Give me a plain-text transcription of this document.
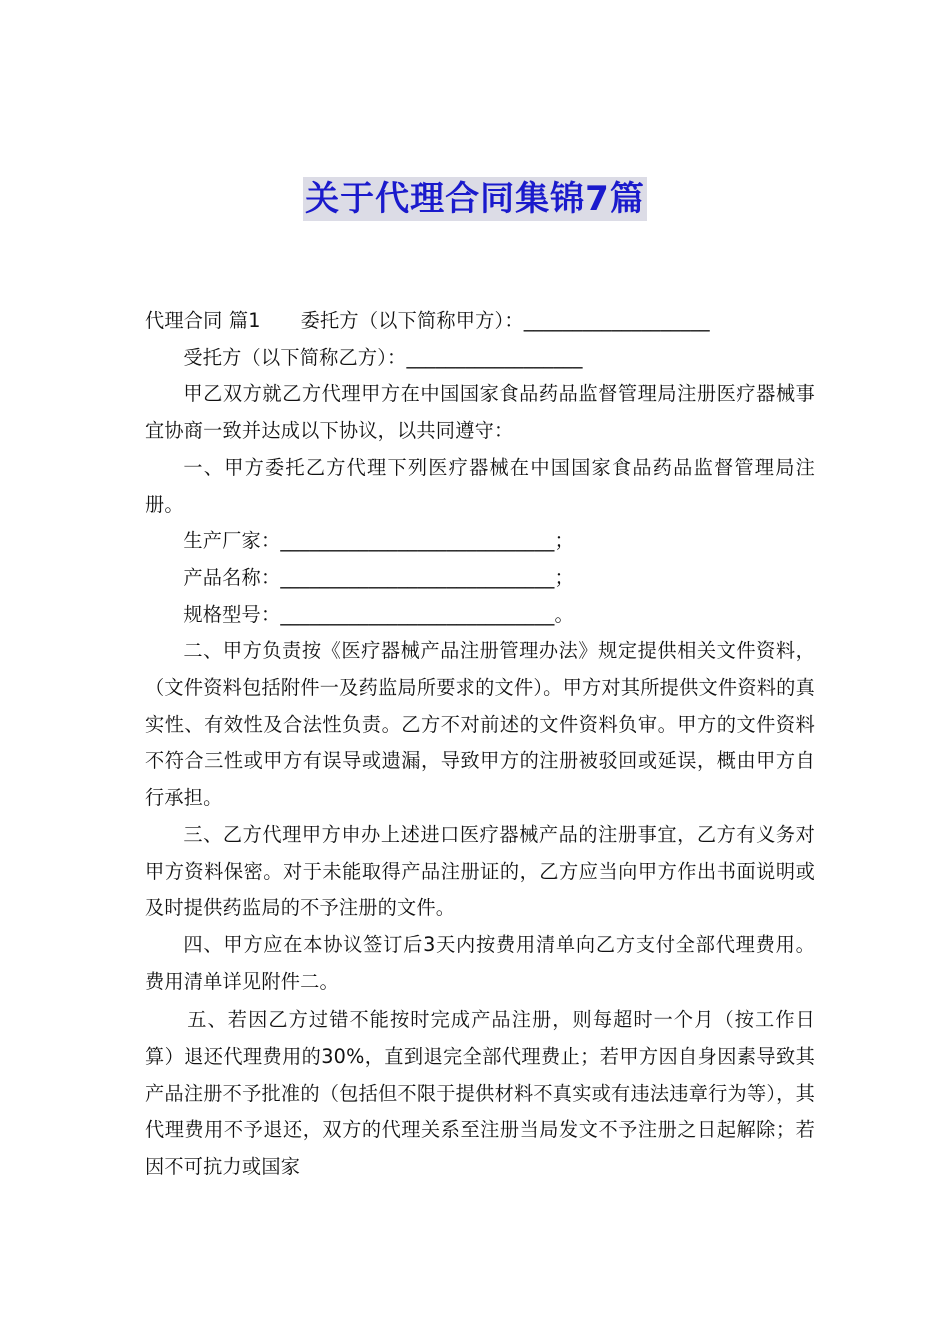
关于代理合同集锦7篇

代理合同 篇1 委托方（以下简称甲方）：___________________

受托方（以下简称乙方）：__________________

甲乙双方就乙方代理甲方在中国国家食品药品监督管理局注册医疗器械事宜协商一致并达成以下协议，以共同遵守：

一、甲方委托乙方代理下列医疗器械在中国国家食品药品监督管理局注册。

生产厂家：____________________________；

产品名称：____________________________；

规格型号：____________________________。

二、甲方负责按《医疗器械产品注册管理办法》规定提供相关文件资料，（文件资料包括附件一及药监局所要求的文件）。甲方对其所提供文件资料的真实性、有效性及合法性负责。乙方不对前述的文件资料负审。甲方的文件资料不符合三性或甲方有误导或遗漏，导致甲方的注册被驳回或延误，概由甲方自行承担。

三、乙方代理甲方申办上述进口医疗器械产品的注册事宜，乙方有义务对甲方资料保密。对于未能取得产品注册证的，乙方应当向甲方作出书面说明或及时提供药监局的不予注册的文件。

四、甲方应在本协议签订后3天内按费用清单向乙方支付全部代理费用。费用清单详见附件二。

五、若因乙方过错不能按时完成产品注册，则每超时一个月（按工作日算）退还代理费用的30%，直到退完全部代理费止；若甲方因自身因素导致其产品注册不予批准的（包括但不限于提供材料不真实或有违法违章行为等），其代理费用不予退还，双方的代理关系至注册当局发文不予注册之日起解除；若因不可抗力或国家
